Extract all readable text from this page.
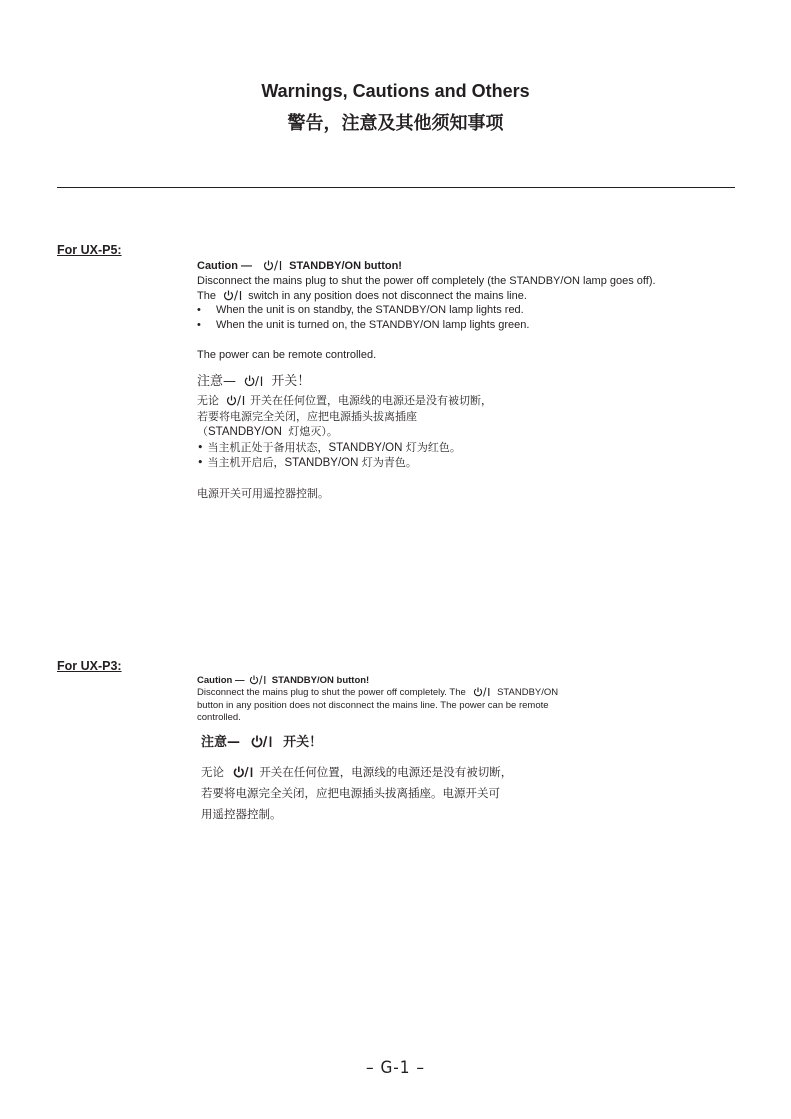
Warnings, Cautions and Others
警告，注意及其他须知事项
For UX-P5:
Caution —	STANDBY/ON button!
Disconnect the mains plug to shut the power off completely (the STANDBY/ON lamp goes off).
The	switch in any position does not disconnect the mains line.
• When the unit is on standby, the STANDBY/ON lamp lights red.
• When the unit is turned on, the STANDBY/ON lamp lights green.
The power can be remote controlled.
注意—	开关！
无论	开关在任何位置，电源线的电源还是没有被切断，
若要将电源完全关闭，应把电源插头拔离插座
（STANDBY/ON 灯熄灭）。
• 当主机正处于备用状态，STANDBY/ON 灯为红色。
• 当主机开启后，STANDBY/ON 灯为青色。
电源开关可用遥控器控制。
For UX-P3:
Caution —	STANDBY/ON button!
Disconnect the mains plug to shut the power off completely. The	STANDBY/ON
button in any position does not disconnect the mains line. The power can be remote
controlled.
注意—	开关！
无论	开关在任何位置，电源线的电源还是没有被切断，
若要将电源完全关闭，应把电源插头拔离插座。电源开关可
用遥控器控制。
– G-1 –
